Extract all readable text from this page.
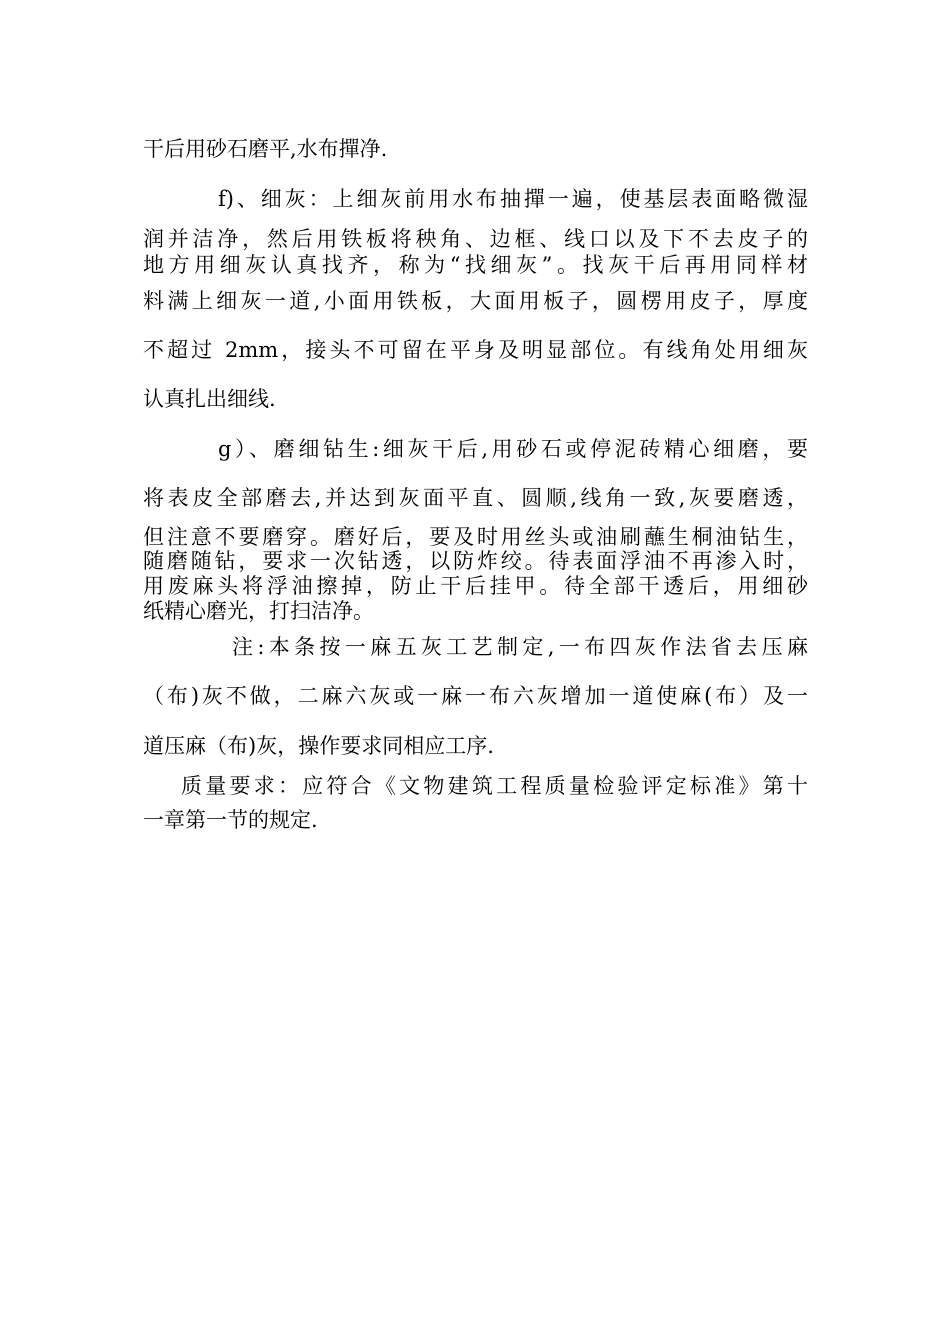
干后用砂石磨平,水布撣净.
f)、细灰：上细灰前用水布抽撣一遍，使基层表面略微湿
润并洁净，然后用铁板将秧角、边框、线口以及下不去皮子的
地方用细灰认真找齐，称为“找细灰”。找灰干后再用同样材
料满上细灰一道,小面用铁板，大面用板子，圆楞用皮子，厚度
不超过 2mm，接头不可留在平身及明显部位。有线角处用细灰
认真扎出细线.
g）、磨细钻生:细灰干后,用砂石或停泥砖精心细磨，要
将表皮全部磨去,并达到灰面平直、圆顺,线角一致,灰要磨透，
但注意不要磨穿。磨好后，要及时用丝头或油刷蘸生桐油钻生，
随磨随钻，要求一次钻透，以防炸绞。待表面浮油不再渗入时，
用废麻头将浮油擦掉，防止干后挂甲。待全部干透后，用细砂
纸精心磨光，打扫洁净。
注:本条按一麻五灰工艺制定,一布四灰作法省去压麻
（布)灰不做，二麻六灰或一麻一布六灰增加一道使麻(布）及一
道压麻（布)灰，操作要求同相应工序.
质量要求：应符合《文物建筑工程质量检验评定标准》第十
一章第一节的规定.
